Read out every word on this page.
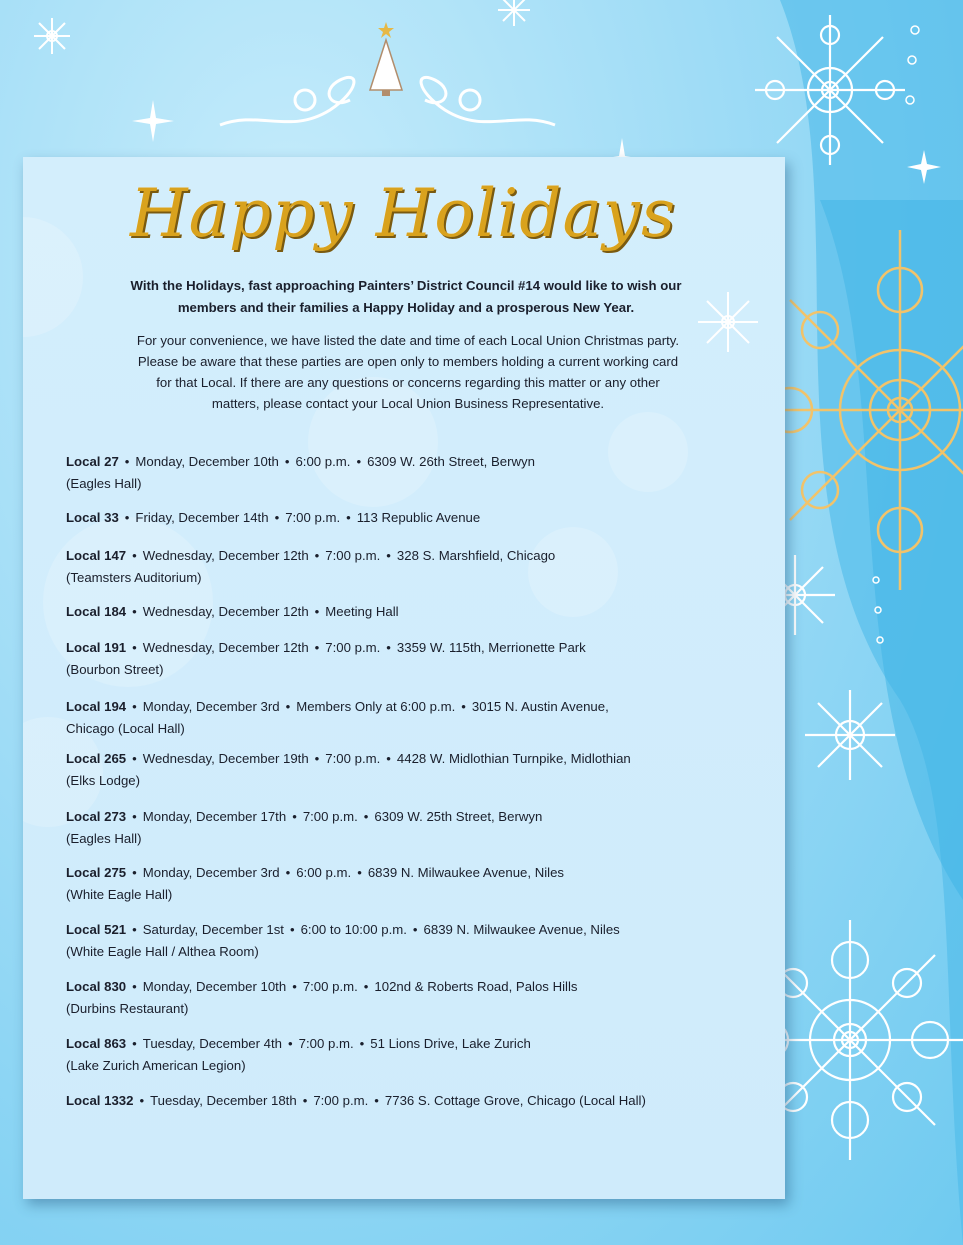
Happy Holidays
With the Holidays, fast approaching Painters’ District Council #14 would like to wish our
members and their families a Happy Holiday and a prosperous New Year.
For your convenience, we have listed the date and time of each Local Union Christmas party.
Please be aware that these parties are open only to members holding a current working card
for that Local. If there are any questions or concerns regarding this matter or any other
matters, please contact your Local Union Business Representative.
Local 27 • Monday, December 10th • 6:00 p.m. • 6309 W. 26th Street, Berwyn
(Eagles Hall)
Local 33 • Friday, December 14th • 7:00 p.m. • 113 Republic Avenue
Local 147 • Wednesday, December 12th • 7:00 p.m. • 328 S. Marshfield, Chicago
(Teamsters Auditorium)
Local 184 • Wednesday, December 12th • Meeting Hall
Local 191 • Wednesday, December 12th • 7:00 p.m. • 3359 W. 115th, Merrionette Park
(Bourbon Street)
Local 194 • Monday, December 3rd • Members Only at 6:00 p.m. • 3015 N. Austin Avenue,
Chicago (Local Hall)
Local 265 • Wednesday, December 19th • 7:00 p.m. • 4428 W. Midlothian Turnpike, Midlothian
(Elks Lodge)
Local 273 • Monday, December 17th • 7:00 p.m. • 6309 W. 25th Street, Berwyn
(Eagles Hall)
Local 275 • Monday, December 3rd • 6:00 p.m. • 6839 N. Milwaukee Avenue, Niles
(White Eagle Hall)
Local 521 • Saturday, December 1st • 6:00 to 10:00 p.m. • 6839 N. Milwaukee Avenue, Niles
(White Eagle Hall / Althea Room)
Local 830 • Monday, December 10th • 7:00 p.m. • 102nd & Roberts Road, Palos Hills
(Durbins Restaurant)
Local 863 • Tuesday, December 4th • 7:00 p.m. • 51 Lions Drive, Lake Zurich
(Lake Zurich American Legion)
Local 1332 • Tuesday, December 18th • 7:00 p.m. • 7736 S. Cottage Grove, Chicago (Local Hall)
